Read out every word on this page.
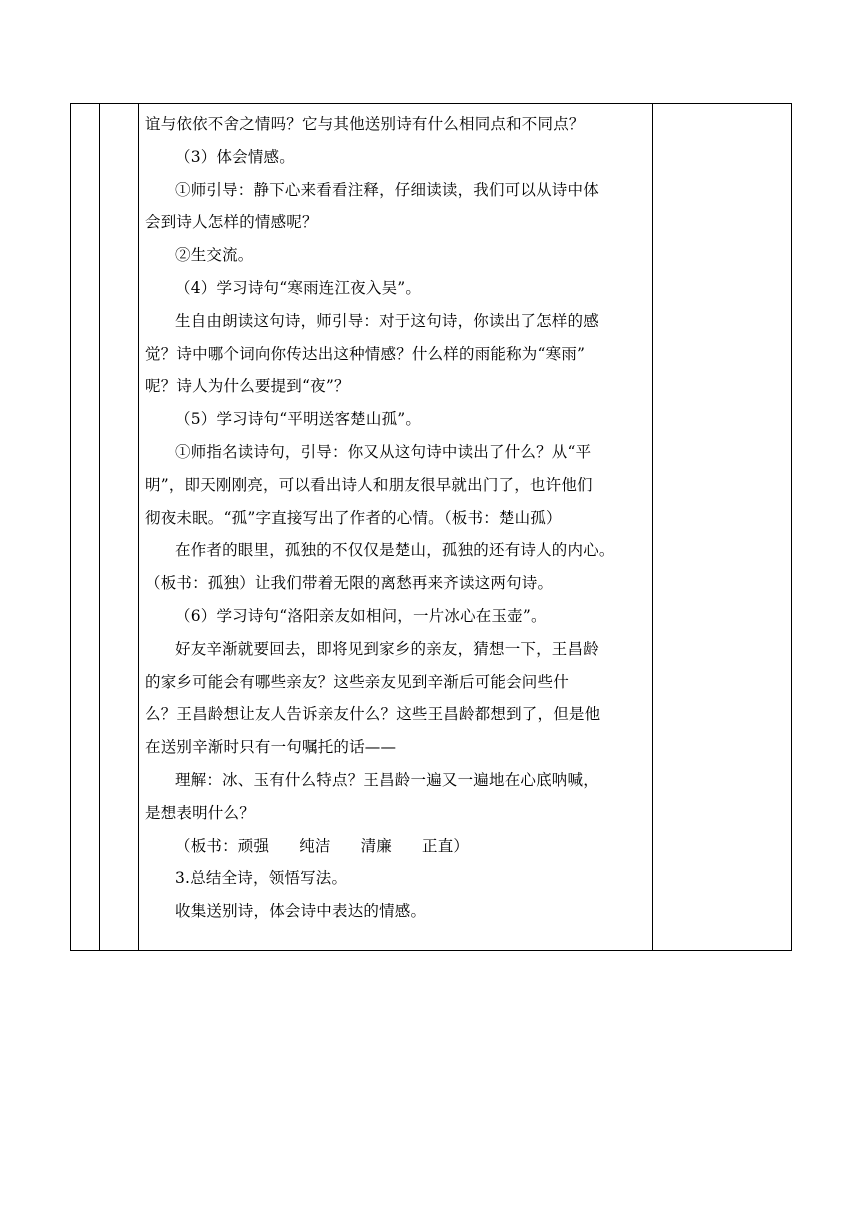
谊与依依不舍之情吗？它与其他送别诗有什么相同点和不同点？
（3）体会情感。
①师引导：静下心来看看注释，仔细读读，我们可以从诗中体
会到诗人怎样的情感呢？
②生交流。
（4）学习诗句“寒雨连江夜入吴”。
生自由朗读这句诗，师引导：对于这句诗，你读出了怎样的感
觉？诗中哪个词向你传达出这种情感？什么样的雨能称为“寒雨”
呢？诗人为什么要提到“夜”？
（5）学习诗句“平明送客楚山孤”。
①师指名读诗句，引导：你又从这句诗中读出了什么？从“平
明”，即天刚刚亮，可以看出诗人和朋友很早就出门了，也许他们
彻夜未眠。“孤”字直接写出了作者的心情。（板书：楚山孤）
在作者的眼里，孤独的不仅仅是楚山，孤独的还有诗人的内心。
（板书：孤独）让我们带着无限的离愁再来齐读这两句诗。
（6）学习诗句“洛阳亲友如相问，一片冰心在玉壶”。
好友辛渐就要回去，即将见到家乡的亲友，猜想一下，王昌龄
的家乡可能会有哪些亲友？这些亲友见到辛渐后可能会问些什
么？王昌龄想让友人告诉亲友什么？这些王昌龄都想到了，但是他
在送别辛渐时只有一句嘱托的话——
理解：冰、玉有什么特点？王昌龄一遍又一遍地在心底呐喊，
是想表明什么？
（板书：顽强 纯洁 清廉 正直）
3.总结全诗，领悟写法。
收集送别诗，体会诗中表达的情感。
